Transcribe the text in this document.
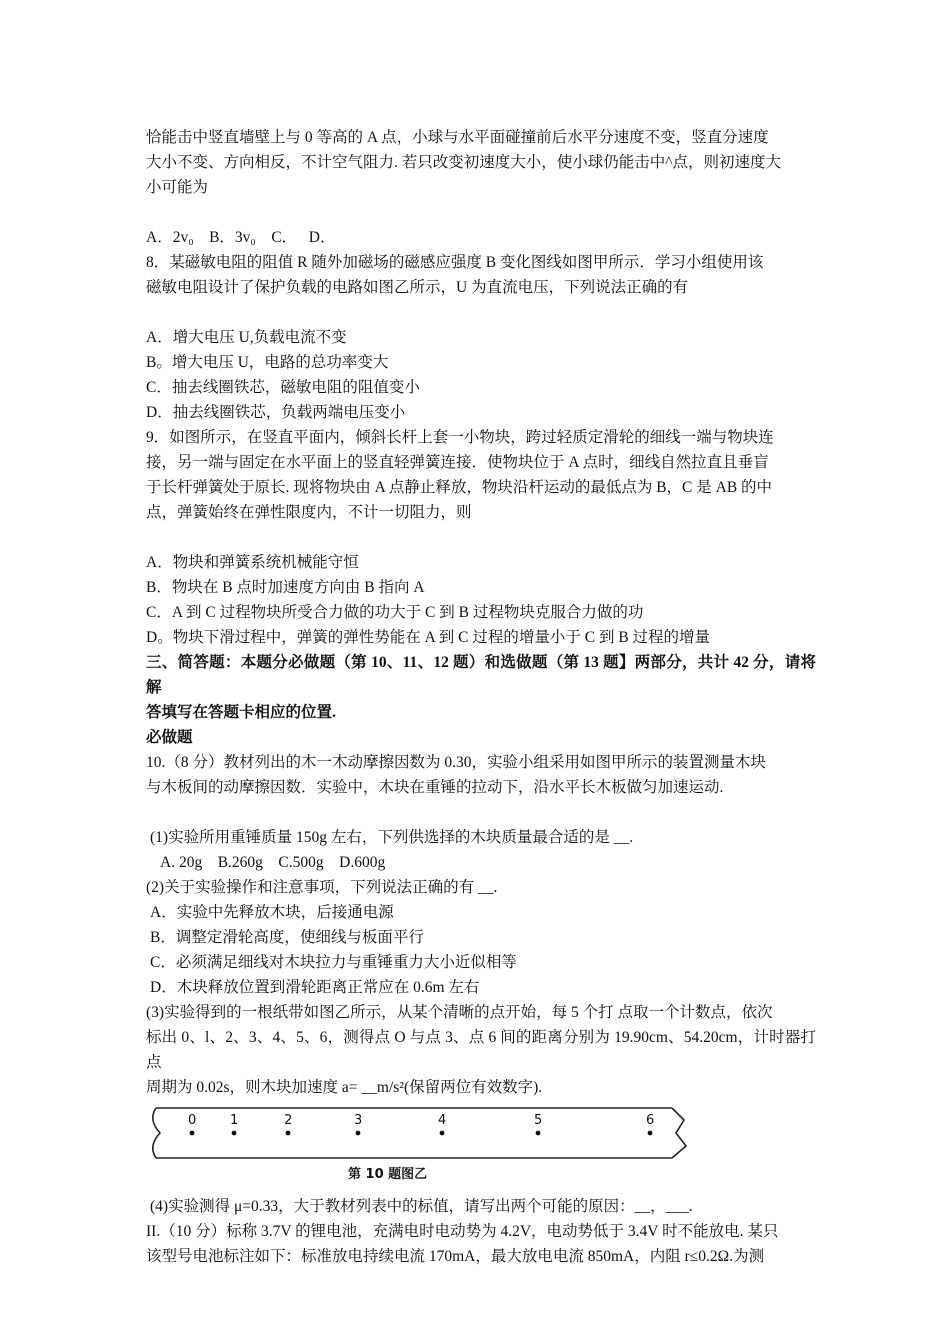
恰能击中竖直墙壁上与 0 等高的 A 点，小球与水平面碰撞前后水平分速度不变，竖直分速度

大小不变、方向相反，不计空气阻力. 若只改变初速度大小，使小球仍能击中^点，则初速度大

小可能为

A．2v₀　B．3v₀　C．　 D．

8．某磁敏电阻的阻值 R 随外加磁场的磁感应强度 B 变化图线如图甲所示．学习小组使用该

磁敏电阻设计了保护负载的电路如图乙所示，U 为直流电压，下列说法正确的有

A．增大电压 U,负载电流不变

B。增大电压 U，电路的总功率变大

C．抽去线圈铁芯，磁敏电阻的阻值变小

D．抽去线圈铁芯，负载两端电压变小

9．如图所示，在竖直平面内，倾斜长杆上套一小物块，跨过轻质定滑轮的细线一端与物块连

接，另一端与固定在水平面上的竖直轻弹簧连接．使物块位于 A 点时，细线自然拉直且垂盲

于长杆弹簧处于原长. 现将物块由 A 点静止释放，物块沿杆运动的最低点为 B，C 是 AB 的中

点，弹簧始终在弹性限度内，不计一切阻力，则

A．物块和弹簧系统机械能守恒

B．物块在 B 点时加速度方向由 B 指向 A

C．A 到 C 过程物块所受合力做的功大于 C 到 B 过程物块克服合力做的功

D。物块下滑过程中，弹簧的弹性势能在 A 到 C 过程的增量小于 C 到 B 过程的增量

三、简答题：本题分必做题（第 10、11、12 题）和选做题（第 13 题】两部分，共计 42 分，请将解

答填写在答题卡相应的位置.

必做题

10.（8 分）教材列出的木一木动摩擦因数为 0.30，实验小组采用如图甲所示的装置测量木块

与木板间的动摩擦因数．实验中，木块在重锤的拉动下，沿水平长木板做匀加速运动.

(1)实验所用重锤质量 150g 左右，下列供选择的木块质量最合适的是 __.

A. 20g　B.260g　C.500g　D.600g

(2)关于实验操作和注意事项，下列说法正确的有 __.

A．实验中先释放木块，后接通电源

B．调整定滑轮高度，使细线与板面平行

C．必须满足细线对木块拉力与重锤重力大小近似相等

D．木块释放位置到滑轮距离正常应在 0.6m 左右

(3)实验得到的一根纸带如图乙所示，从某个清晰的点开始，每 5 个打 点取一个计数点，依次

标出 0、l、2、3、4、5、6，测得点 O 与点 3、点 6 间的距离分别为 19.90cm、54.20cm，计时器打点

周期为 0.02s，则木块加速度 a= __m/s²(保留两位有效数字).

0	1	2	3	4	5	6
第 10 题图乙

(4)实验测得 μ=0.33，大于教材列表中的标值，请写出两个可能的原因：__，___.

II.（10 分）标称 3.7V 的锂电池，充满电时电动势为 4.2V，电动势低于 3.4V 时不能放电. 某只

该型号电池标注如下：标准放电持续电流 170mA，最大放电电流 850mA，内阻 r≤0.2Ω.为测
